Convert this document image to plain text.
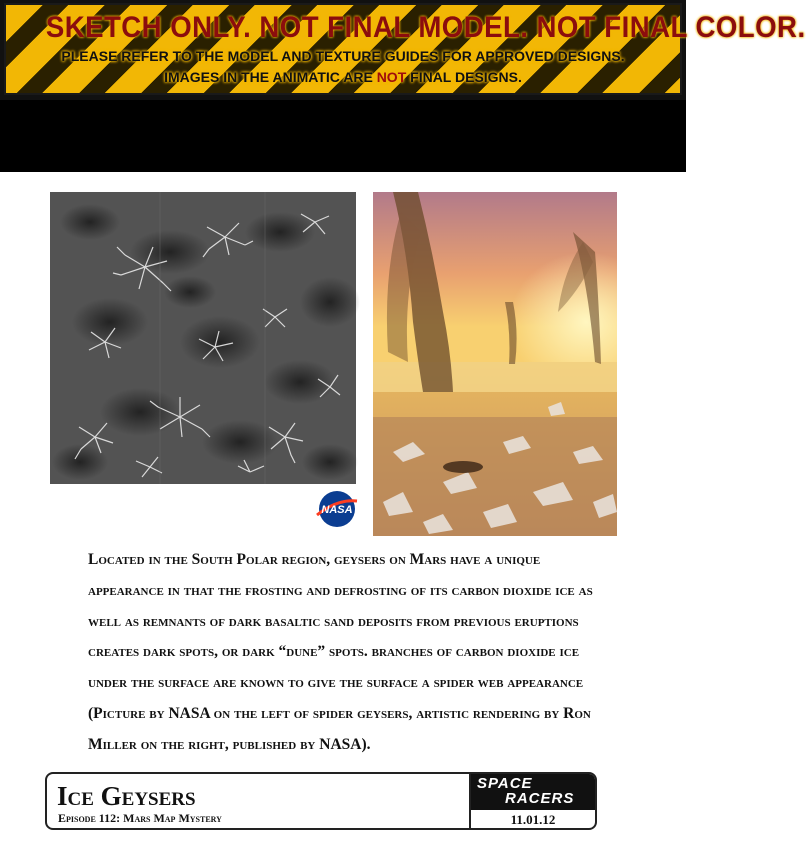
SKETCH ONLY. NOT FINAL MODEL. NOT FINAL COLOR.
PLEASE REFER TO THE MODEL AND TEXTURE GUIDES FOR APPROVED DESIGNS.
IMAGES IN THE ANIMATIC ARE NOT FINAL DESIGNS.
NASA
Located in the South Polar region, geysers on Mars have a unique appearance in that the frosting and defrosting of its carbon dioxide ice as well as remnants of dark basaltic sand deposits from previous eruptions creates dark spots, or dark “dune” spots. branches of carbon dioxide ice under the surface are known to give the surface a spider web appearance (Picture by NASA on the left of spider geysers, artistic rendering by Ron Miller on the right, published by NASA).
Ice Geysers
Episode 112: Mars Map Mystery
SPACE
RACERS
11.01.12
